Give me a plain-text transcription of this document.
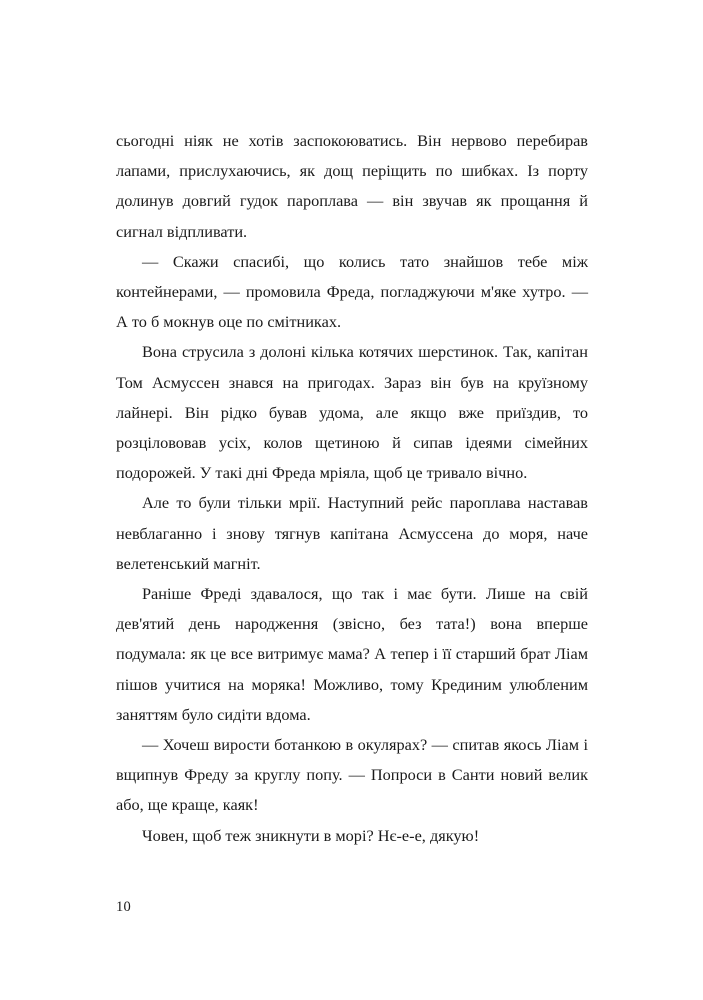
сьогодні ніяк не хотів заспокоюватись. Він нервово перебирав лапами, прислухаючись, як дощ періщить по шибках. Із порту долинув довгий гудок пароплава — він звучав як прощання й сигнал відпливати.

— Скажи спасибі, що колись тато знайшов тебе між контейнерами, — промовила Фреда, погладжуючи м'яке хутро. — А то б мокнув оце по смітниках.

Вона струсила з долоні кілька котячих шерстинок. Так, капітан Том Асмуссен знався на пригодах. Зараз він був на круїзному лайнері. Він рідко бував удома, але якщо вже приїздив, то розцілововав усіх, колов щетиною й сипав ідеями сімейних подорожей. У такі дні Фреда мріяла, щоб це тривало вічно.

Але то були тільки мрії. Наступний рейс пароплава наставав невблаганно і знову тягнув капітана Асмуссена до моря, наче велетенський магніт.

Раніше Фреді здавалося, що так і має бути. Лише на свій дев'ятий день народження (звісно, без тата!) вона вперше подумала: як це все витримує мама? А тепер і її старший брат Ліам пішов учитися на моряка! Можливо, тому Крединим улюбленим заняттям було сидіти вдома.

— Хочеш вирости ботанкою в окулярах? — спитав якось Ліам і вщипнув Фреду за круглу попу. — Попроси в Санти новий велик або, ще краще, каяк!

Човен, щоб теж зникнути в морі? Нє-е-е, дякую!

10
